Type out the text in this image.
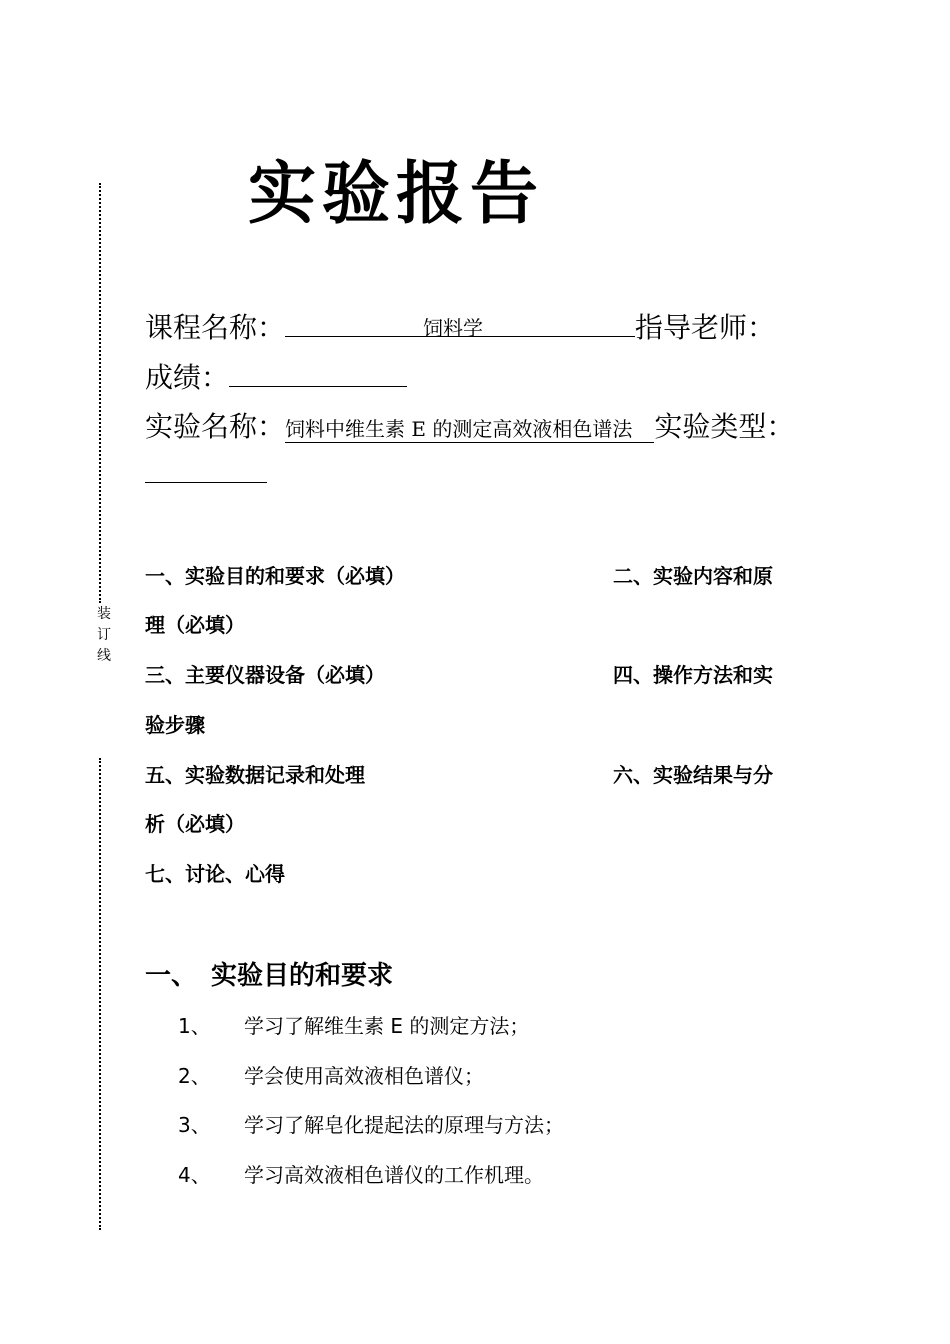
装
订
线
实验报告
课程名称：	饲料学	指导老师：
成绩：
实验名称：饲料中维生素 E 的测定高效液相色谱法 实验类型：
一、实验目的和要求（必填）	二、实验内容和原
理（必填）
三、主要仪器设备（必填）	四、操作方法和实
验步骤
五、实验数据记录和处理	六、实验结果与分
析（必填）
七、讨论、心得
一、 实验目的和要求
1、 学习了解维生素 E 的测定方法；
2、 学会使用高效液相色谱仪；
3、 学习了解皂化提起法的原理与方法；
4、 学习高效液相色谱仪的工作机理。
